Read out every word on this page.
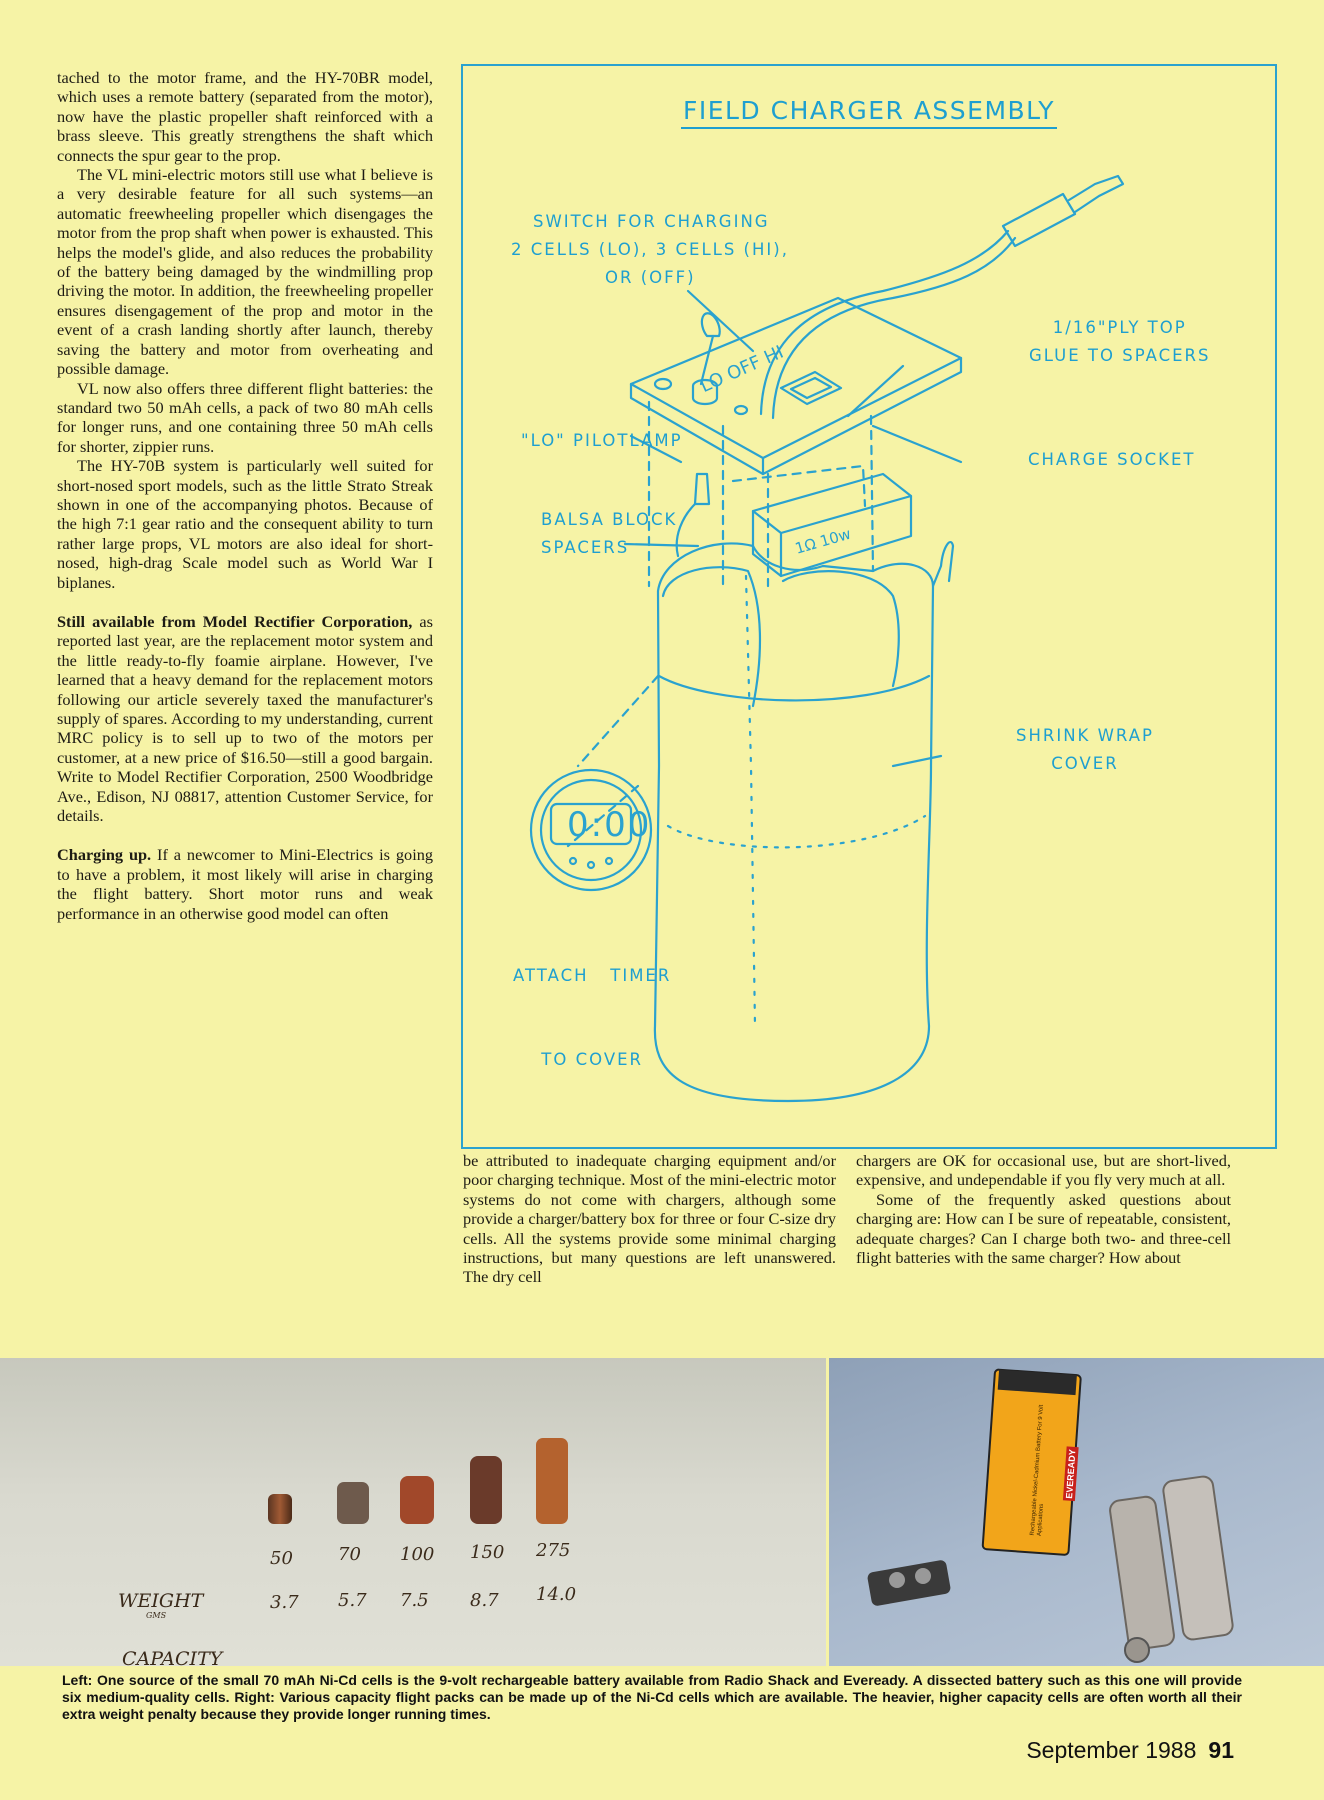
tached to the motor frame, and the HY-70BR model, which uses a remote battery (separated from the motor), now have the plastic propeller shaft reinforced with a brass sleeve. This greatly strengthens the shaft which connects the spur gear to the prop.

The VL mini-electric motors still use what I believe is a very desirable feature for all such systems—an automatic freewheeling propeller which disengages the motor from the prop shaft when power is exhausted. This helps the model's glide, and also reduces the probability of the battery being damaged by the windmilling prop driving the motor. In addition, the freewheeling propeller ensures disengagement of the prop and motor in the event of a crash landing shortly after launch, thereby saving the battery and motor from overheating and possible damage.

VL now also offers three different flight batteries: the standard two 50 mAh cells, a pack of two 80 mAh cells for longer runs, and one containing three 50 mAh cells for shorter, zippier runs.

The HY-70B system is particularly well suited for short-nosed sport models, such as the little Strato Streak shown in one of the accompanying photos. Because of the high 7:1 gear ratio and the consequent ability to turn rather large props, VL motors are also ideal for short-nosed, high-drag Scale model such as World War I biplanes.

Still available from Model Rectifier Corporation, as reported last year, are the replacement motor system and the little ready-to-fly foamie airplane. However, I've learned that a heavy demand for the replacement motors following our article severely taxed the manufacturer's supply of spares. According to my understanding, current MRC policy is to sell up to two of the motors per customer, at a new price of $16.50—still a good bargain. Write to Model Rectifier Corporation, 2500 Woodbridge Ave., Edison, NJ 08817, attention Customer Service, for details.

Charging up. If a newcomer to Mini-Electrics is going to have a problem, it most likely will arise in charging the flight battery. Short motor runs and weak performance in an otherwise good model can often

FIELD CHARGER ASSEMBLY
0:00
LO OFF HI
1Ω 10w
SWITCH FOR CHARGING
2 CELLS (LO), 3 CELLS (HI),
OR (OFF)
1/16"PLY TOP
GLUE TO SPACERS
"LO" PILOTLAMP
CHARGE SOCKET
BALSA BLOCK
SPACERS
SHRINK WRAP
COVER

ATTACH   TIMER

TO COVER

be attributed to inadequate charging equipment and/or poor charging technique. Most of the mini-electric motor systems do not come with chargers, although some provide a charger/battery box for three or four C-size dry cells. All the systems provide some minimal charging instructions, but many questions are left unanswered. The dry cell

chargers are OK for occasional use, but are short-lived, expensive, and undependable if you fly very much at all.

Some of the frequently asked questions about charging are: How can I be sure of repeatable, consistent, adequate charges? Can I charge both two- and three-cell flight batteries with the same charger? How about

CAPACITY
WEIGHT
GMS
50	70 100 150 275
3.7 5.7 7.5 8.7 14.0
EVEREADY
Rechargeable Nickel-Cadmium Battery For 9 Volt Applications
Left: One source of the small 70 mAh Ni-Cd cells is the 9-volt rechargeable battery available from Radio Shack and Eveready. A dissected battery such as this one will provide six medium-quality cells. Right: Various capacity flight packs can be made up of the Ni-Cd cells which are available. The heavier, higher capacity cells are often worth all their extra weight penalty because they provide longer running times.
September 1988 91
